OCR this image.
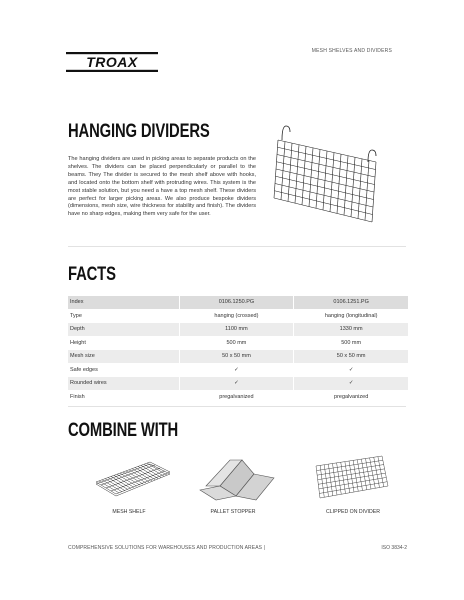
TROAX
MESH SHELVES AND DIVIDERS
HANGING DIVIDERS

The hanging dividers are used in picking areas to separate products on the shelves. The dividers can be placed perpendicularly or parallel to the beams. They The divider is secured to the mesh shelf above with hooks, and located onto the bottom shelf with protruding wires. This system is the most stable solution, but you need a have a top mesh shelf. These dividers are perfect for larger picking areas. We also produce bespoke dividers (dimensions, mesh size, wire thickness for stability and finish). The dividers have no sharp edges, making them very safe for the user.

FACTS
Index	0106.1250.PG	0106.1251.PG
Type	hanging (crossed)	hanging (longitudinal)
Depth	1100 mm	1330 mm
Height	500 mm	500 mm
Mesh size	50 x 50 mm	50 x 50 mm
Safe edges	✓	✓
Rounded wires	✓	✓
Finish	pregalvanized	pregalvanized
COMBINE WITH
MESH SHELF	PALLET STOPPER	CLIPPED ON DIVIDER
COMPREHENSIVE SOLUTIONS FOR WAREHOUSES AND PRODUCTION AREAS |	ISO 3834-2
